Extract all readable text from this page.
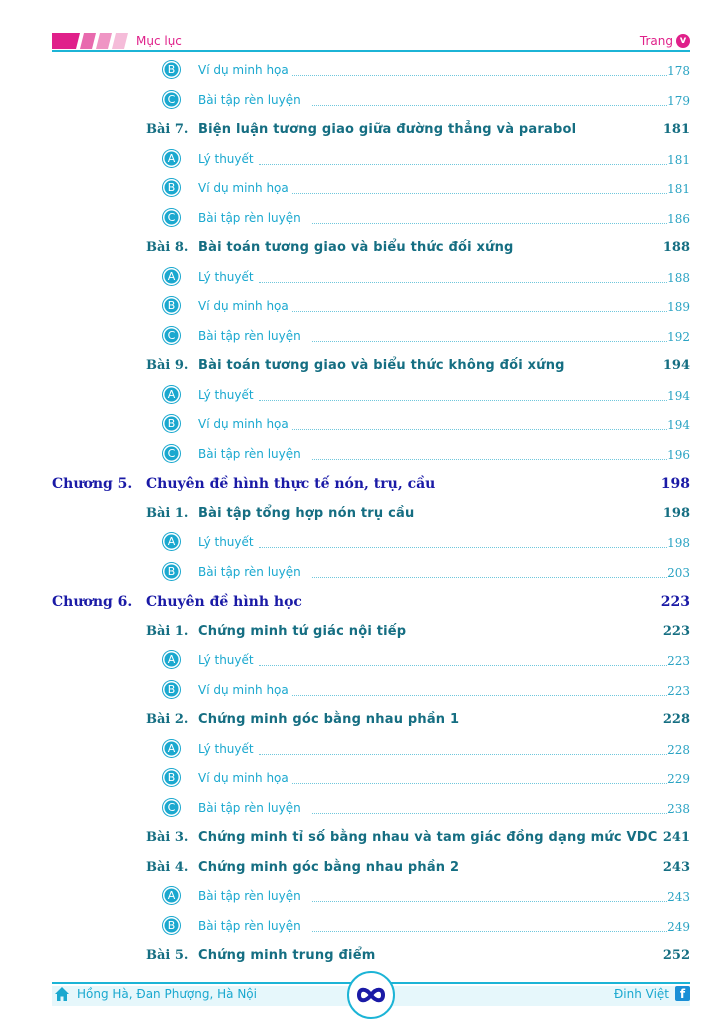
Mục lục	Trang v
B	Ví dụ minh họa	178
C	Bài tập rèn luyện	179
Bài 7. Biện luận tương giao giữa đường thẳng và parabol	181
A	Lý thuyết	181
B	Ví dụ minh họa	181
C	Bài tập rèn luyện	186
Bài 8. Bài toán tương giao và biểu thức đối xứng	188
A	Lý thuyết	188
B	Ví dụ minh họa	189
C	Bài tập rèn luyện	192
Bài 9. Bài toán tương giao và biểu thức không đối xứng	194
A	Lý thuyết	194
B	Ví dụ minh họa	194
C	Bài tập rèn luyện	196
Chương 5. Chuyên đề hình thực tế nón, trụ, cầu	198
Bài 1. Bài tập tổng hợp nón trụ cầu	198
A	Lý thuyết	198
B	Bài tập rèn luyện	203
Chương 6. Chuyên đề hình học	223
Bài 1. Chứng minh tứ giác nội tiếp	223
A	Lý thuyết	223
B	Ví dụ minh họa	223
Bài 2. Chứng minh góc bằng nhau phần 1	228
A	Lý thuyết	228
B	Ví dụ minh họa	229
C	Bài tập rèn luyện	238
Bài 3. Chứng minh tỉ số bằng nhau và tam giác đồng dạng mức VDC 241
Bài 4. Chứng minh góc bằng nhau phần 2	243
A	Bài tập rèn luyện	243
B	Bài tập rèn luyện	249
Bài 5. Chứng minh trung điểm	252
Hồng Hà, Đan Phượng, Hà Nội	Đinh Việt f
